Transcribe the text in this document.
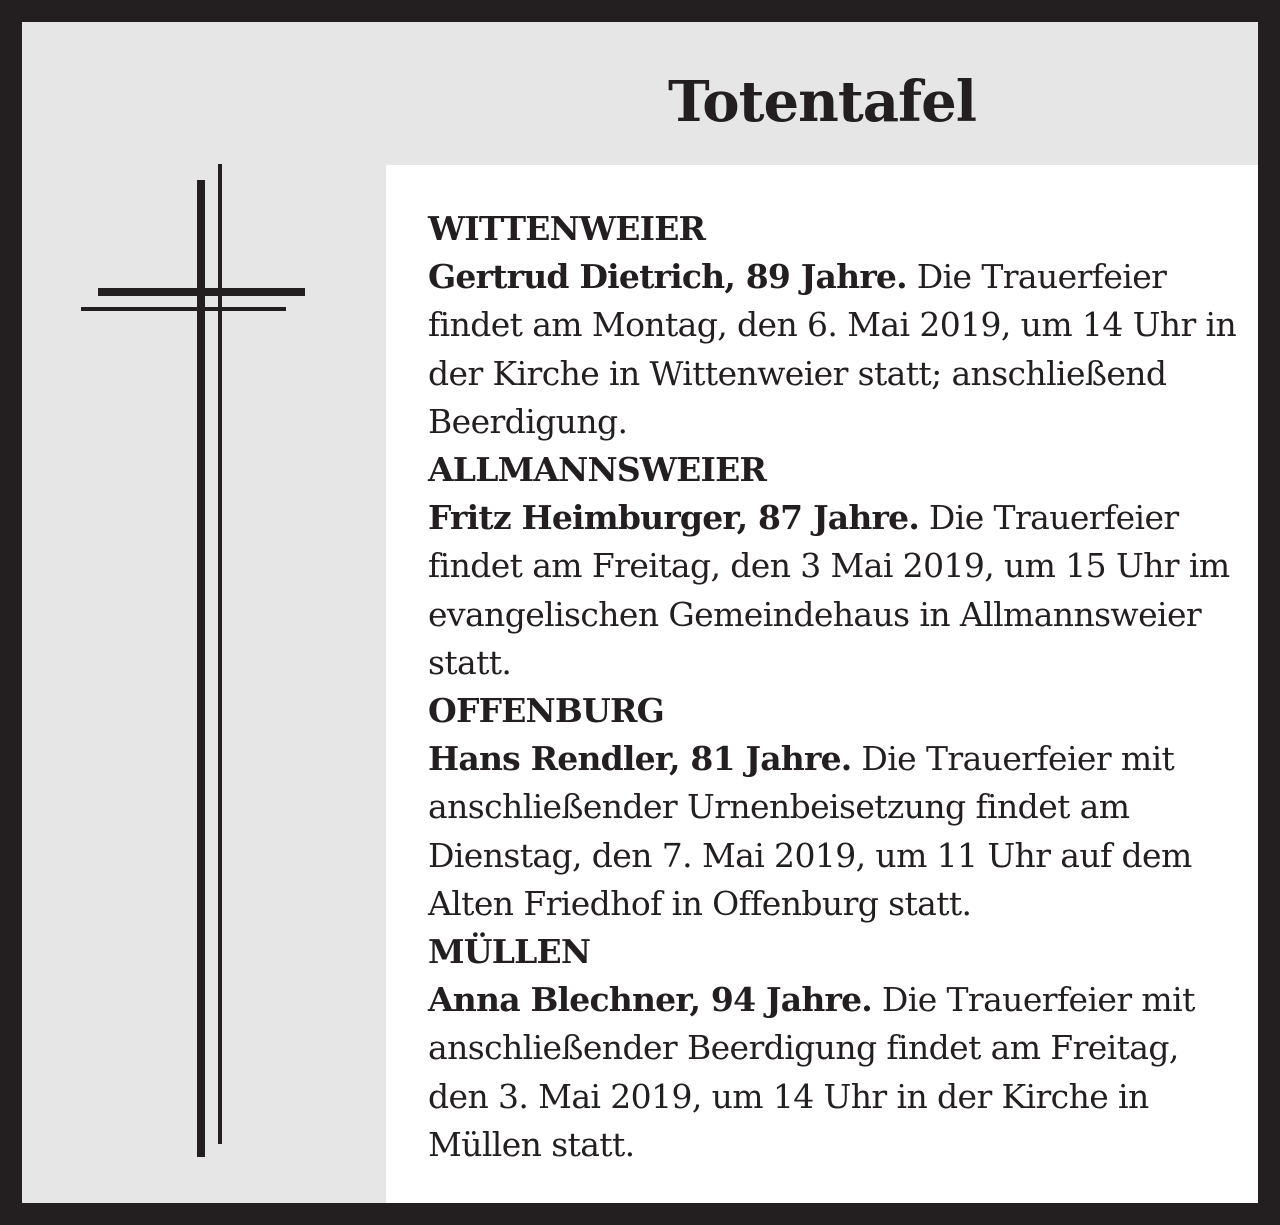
Totentafel

WITTENWEIER
Gertrud Dietrich, 89 Jahre. Die Trauerfeier findet am Montag, den 6. Mai 2019, um 14 Uhr in der Kirche in Wittenweier statt; anschließend Beerdigung.

ALLMANNSWEIER
Fritz Heimburger, 87 Jahre. Die Trauerfeier findet am Freitag, den 3 Mai 2019, um 15 Uhr im evangelischen Gemeindehaus in Allmannsweier statt.

OFFENBURG
Hans Rendler, 81 Jahre. Die Trauerfeier mit anschließender Urnenbeisetzung findet am Dienstag, den 7. Mai 2019, um 11 Uhr auf dem Alten Friedhof in Offenburg statt.

MÜLLEN
Anna Blechner, 94 Jahre. Die Trauerfeier mit anschließender Beerdigung findet am Freitag, den 3. Mai 2019, um 14 Uhr in der Kirche in Müllen statt.
